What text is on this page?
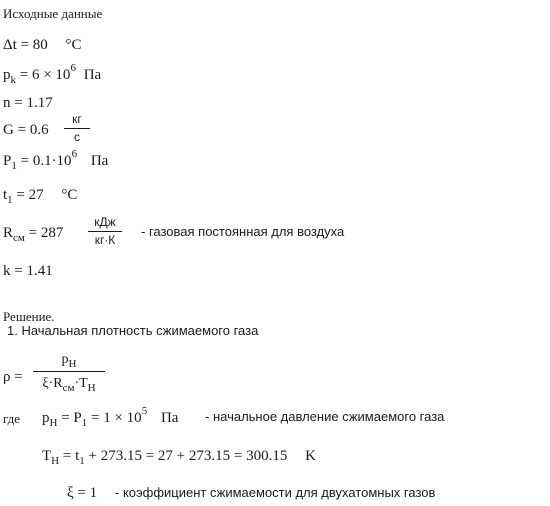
Исходные данные
Δt = 80 °C
$p_k = 6 \times 10^6$ Па
n = 1.17
G = 0.6
кг
с
$P_1 = 0.1\cdot 10^6$ Па
$t_1 = 27$ °C
$R_{см} = 287$
кДж
кг·К
- газовая постоянная для воздуха
k = 1.41
Решение.
1. Начальная плотность сжимаемого газа
ρ =
$p_Н$
$\xi\cdot R_{см}\cdot T_Н$
где $p_Н = P_1 = 1 \times 10^5$ Па - начальное давление сжимаемого газа
$T_Н = t_1 + 273.15 = 27 + 273.15 = 300.15$ K
ξ = 1 - коэффициент сжимаемости для двухатомных газов
